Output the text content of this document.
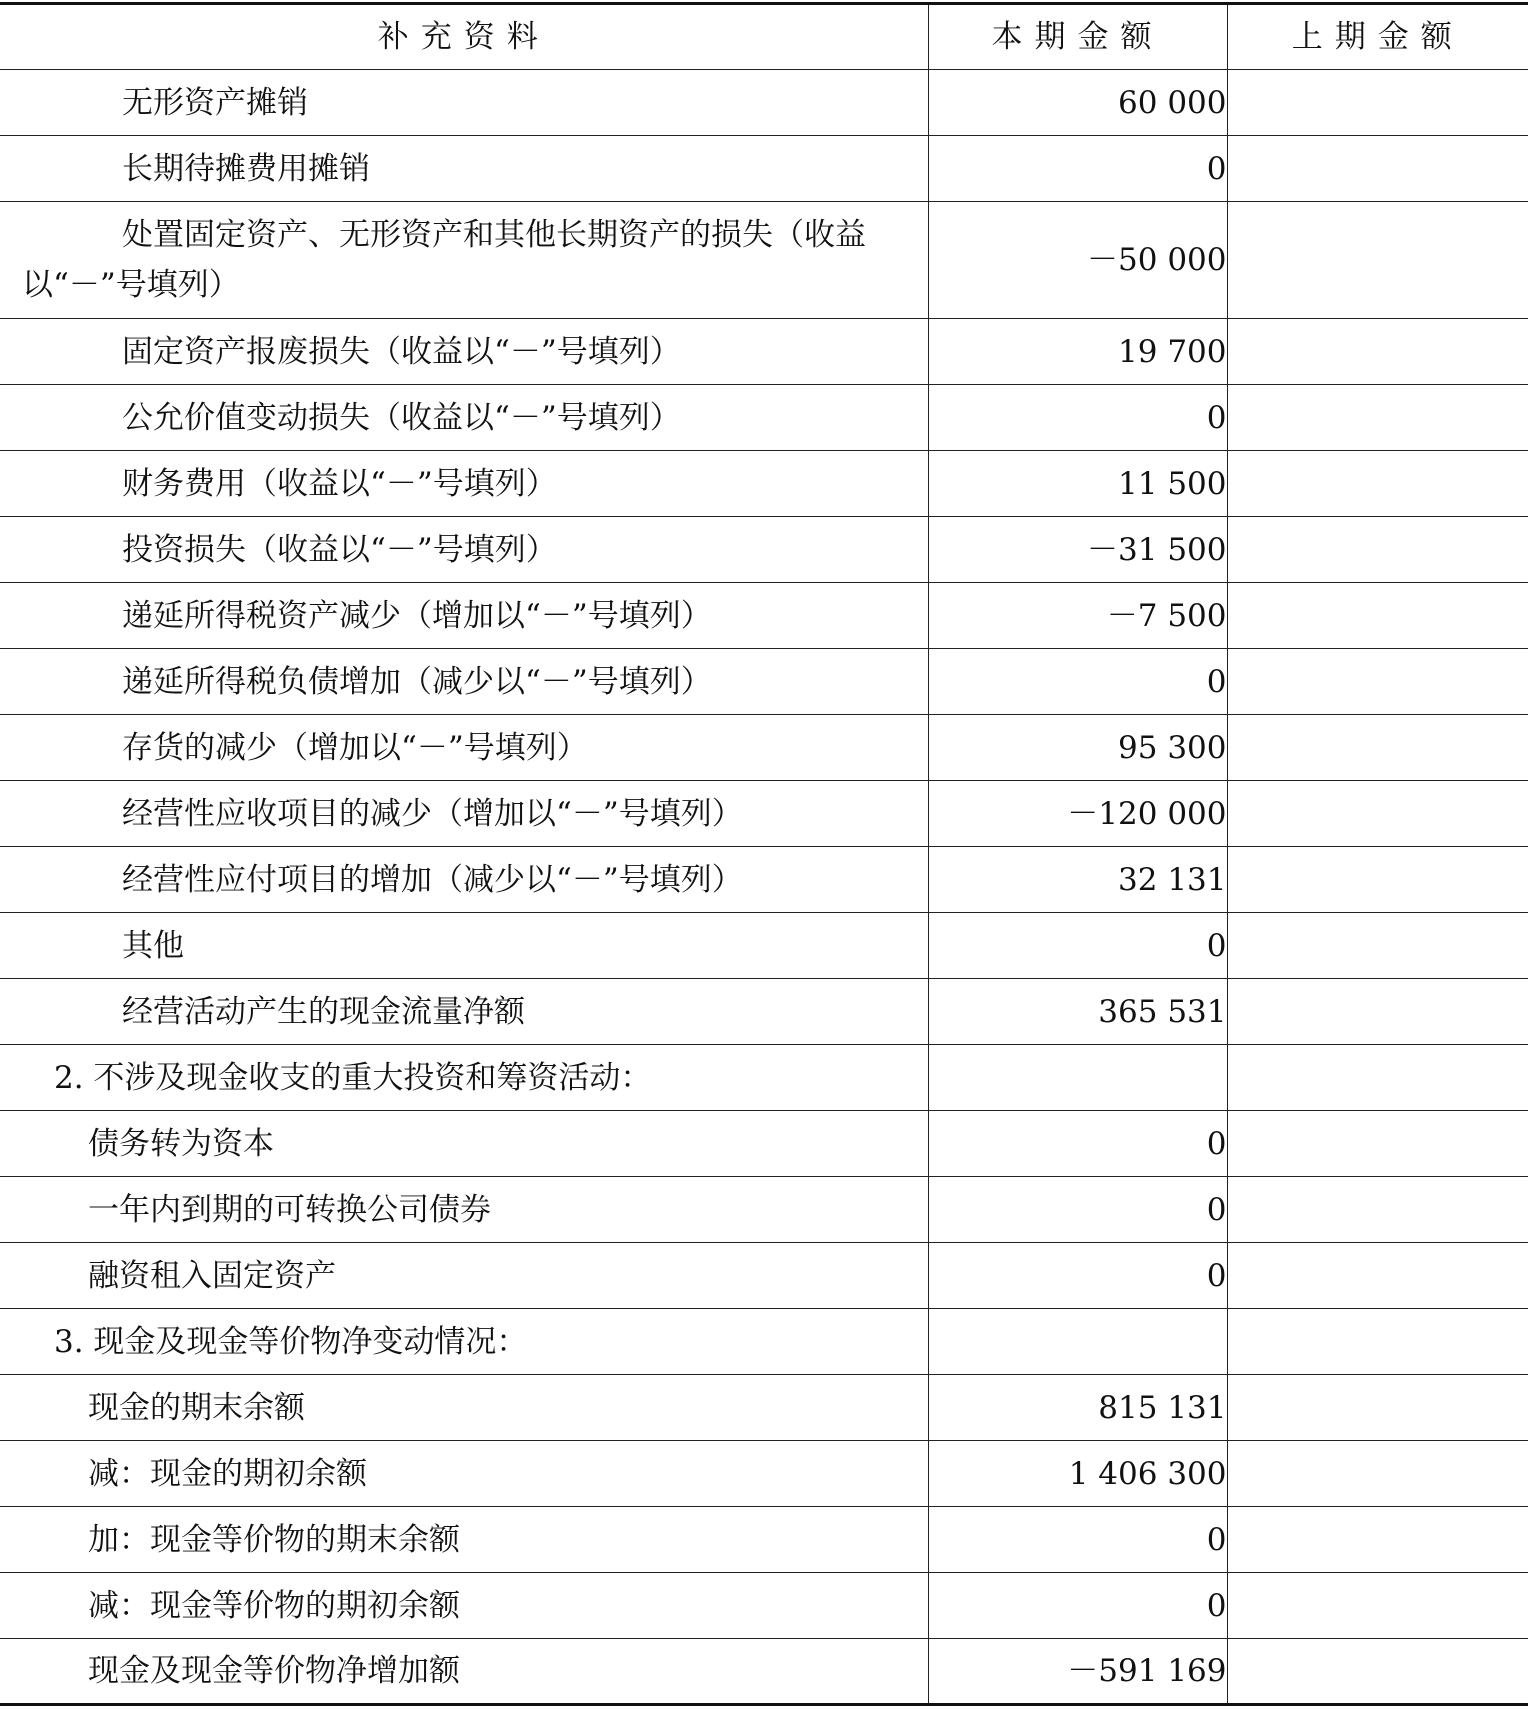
补充资料	本期金额	上期金额
无形资产摊销	60 000	
长期待摊费用摊销	0	
处置固定资产、无形资产和其他长期资产的损失（收益以“－”号填列）	－50 000	
固定资产报废损失（收益以“－”号填列）	19 700	
公允价值变动损失（收益以“－”号填列）	0	
财务费用（收益以“－”号填列）	11 500	
投资损失（收益以“－”号填列）	－31 500	
递延所得税资产减少（增加以“－”号填列）	－7 500	
递延所得税负债增加（减少以“－”号填列）	0	
存货的减少（增加以“－”号填列）	95 300	
经营性应收项目的减少（增加以“－”号填列）	－120 000	
经营性应付项目的增加（减少以“－”号填列）	32 131	
其他	0	
经营活动产生的现金流量净额	365 531	
2. 不涉及现金收支的重大投资和筹资活动：		
债务转为资本	0	
一年内到期的可转换公司债券	0	
融资租入固定资产	0	
3. 现金及现金等价物净变动情况：		
现金的期末余额	815 131	
减：现金的期初余额	1 406 300	
加：现金等价物的期末余额	0	
减：现金等价物的期初余额	0	
现金及现金等价物净增加额	－591 169	
